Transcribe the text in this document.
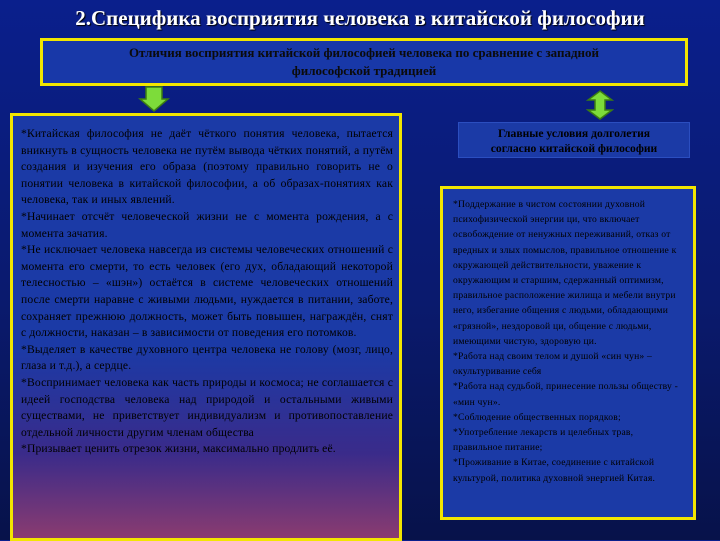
2.Специфика восприятия человека в китайской философии
Отличия восприятия китайской философией человека по сравнение с западной
философской традицией

*Китайская философия не даёт чёткого понятия человека, пытается вникнуть в сущность человека не путём вывода чётких понятий, а путём создания и изучения его образа (поэтому правильно говорить не о понятии человека в китайской философии, а об образах-понятиях как человека, так и иных явлений.

*Начинает отсчёт человеческой жизни не с момента рождения, а с момента зачатия.

*Не исключает человека навсегда из системы человеческих отношений с момента его смерти, то есть человек (его дух, обладающий некоторой телесностью – «шэн») остаётся в системе человеческих отношений после смерти наравне с живыми людьми, нуждается в питании, заботе, сохраняет прежнюю должность, может быть повышен, награждён, снят с должности, наказан – в зависимости от поведения его потомков.

*Выделяет в качестве духовного центра человека не голову (мозг, лицо, глаза и т.д.), а сердце.

*Воспринимает человека как часть природы и космоса; не соглашается с идеей господства человека над природой и остальными живыми существами, не приветствует индивидуализм и противопоставление отдельной личности другим членам общества

*Призывает ценить отрезок жизни, максимально продлить её.

Главные условия долголетия
согласно китайской философии

*Поддержание в чистом состоянии духовной психофизической энергии ци, что включает освобождение от ненужных переживаний, отказ от вредных и злых помыслов, правильное отношение к окружающей действительности, уважение к окружающим и старшим, сдержанный оптимизм, правильное расположение жилища и мебели внутри него, избегание общения с людьми, обладающими «грязной», нездоровой ци, общение с людьми, имеющими чистую, здоровую ци.

*Работа над своим телом и душой «син чун» – окультуривание себя

*Работа над судьбой, принесение пользы обществу - «мин чун».

*Соблюдение общественных порядков;

*Употребление лекарств и целебных трав, правильное питание;

*Проживание в Китае, соединение с китайской культурой, политика духовной энергией Китая.
